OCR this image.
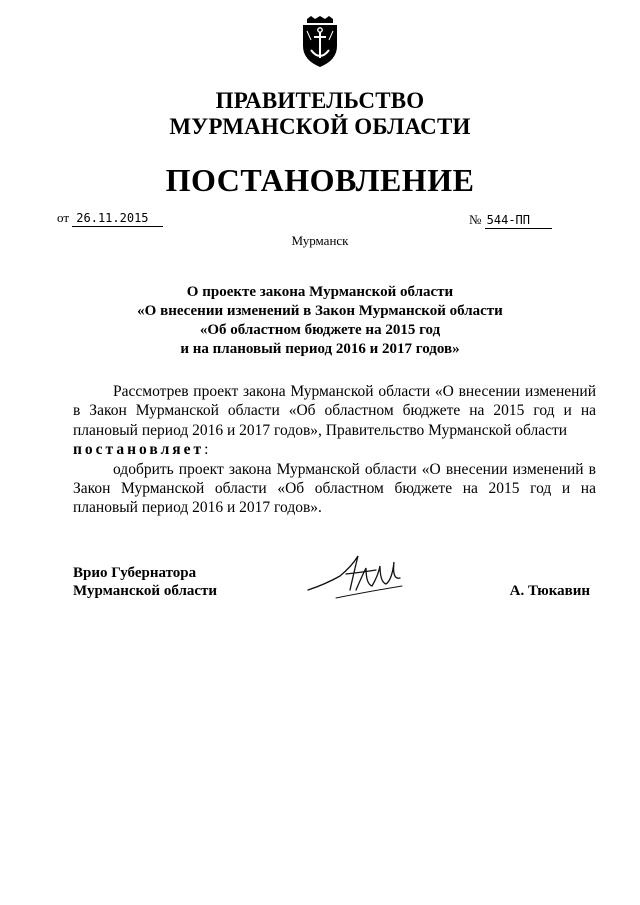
ПРАВИТЕЛЬСТВО
МУРМАНСКОЙ ОБЛАСТИ
ПОСТАНОВЛЕНИЕ
от 26.11.2015	№ 544-ПП
Мурманск
О проекте закона Мурманской области
«О внесении изменений в Закон Мурманской области
«Об областном бюджете на 2015 год
и на плановый период 2016 и 2017 годов»
Рассмотрев проект закона Мурманской области «О внесении изменений в Закон Мурманской области «Об областном бюджете на 2015 год и на плановый период 2016 и 2017 годов», Правительство Мурманской области
постановляет:
одобрить проект закона Мурманской области «О внесении изменений в Закон Мурманской области «Об областном бюджете на 2015 год и на плановый период 2016 и 2017 годов».
Врио Губернатора
Мурманской области	А. Тюкавин
